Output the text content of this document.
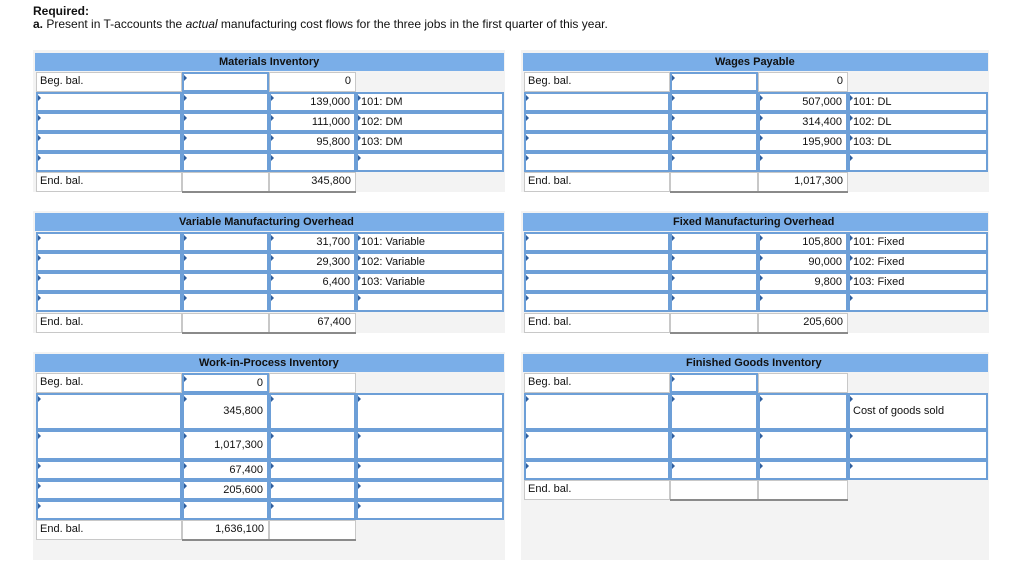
Required:
a. Present in T-accounts the actual manufacturing cost flows for the three jobs in the first quarter of this year.
Materials Inventory
Beg. bal.	0
139,000	101: DM
111,000	102: DM
95,800	103: DM
End. bal.	345,800
Wages Payable
Beg. bal.	0
507,000	101: DL
314,400	102: DL
195,900	103: DL
End. bal.	1,017,300
Variable Manufacturing Overhead
31,700	101: Variable
29,300	102: Variable
6,400	103: Variable
End. bal.	67,400
Fixed Manufacturing Overhead
105,800	101: Fixed
90,000	102: Fixed
9,800	103: Fixed
End. bal.	205,600
Work-in-Process Inventory
Beg. bal.	0
345,800
1,017,300
67,400
205,600
End. bal.	1,636,100
Finished Goods Inventory
Beg. bal.
Cost of goods sold
End. bal.
